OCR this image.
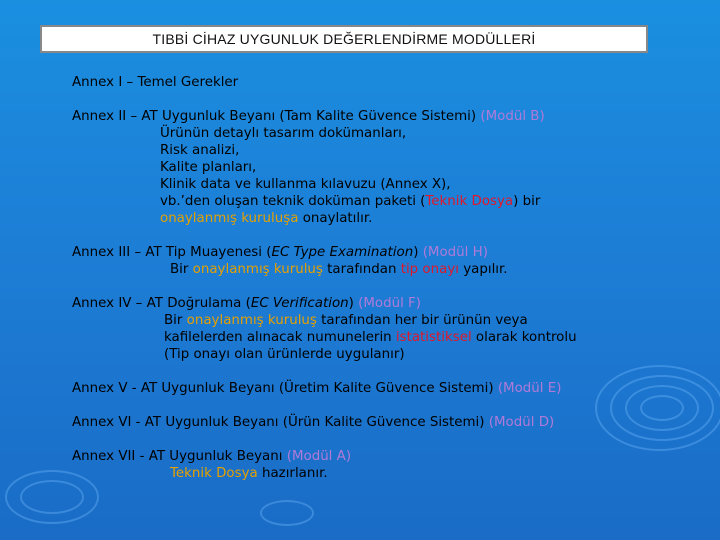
TIBBİ CİHAZ UYGUNLUK DEĞERLENDİRME MODÜLLERİ
Annex I – Temel Gerekler
Annex II – AT Uygunluk Beyanı (Tam Kalite Güvence Sistemi) (Modül B)
Ürünün detaylı tasarım dokümanları,
Risk analizi,
Kalite planları,
Klinik data ve kullanma kılavuzu (Annex X),
vb.’den oluşan teknik doküman paketi (Teknik Dosya) bir
onaylanmış kuruluşa onaylatılır.
Annex III – AT Tip Muayenesi (EC Type Examination) (Modül H)
Bir onaylanmış kuruluş tarafından tip onayı yapılır.
Annex IV – AT Doğrulama (EC Verification) (Modül F)
Bir onaylanmış kuruluş tarafından her bir ürünün veya
kafilelerden alınacak numunelerin istatistiksel olarak kontrolu
(Tip onayı olan ürünlerde uygulanır)
Annex V - AT Uygunluk Beyanı (Üretim Kalite Güvence Sistemi) (Modül E)
Annex VI - AT Uygunluk Beyanı (Ürün Kalite Güvence Sistemi) (Modül D)
Annex VII - AT Uygunluk Beyanı (Modül A)
Teknik Dosya hazırlanır.
